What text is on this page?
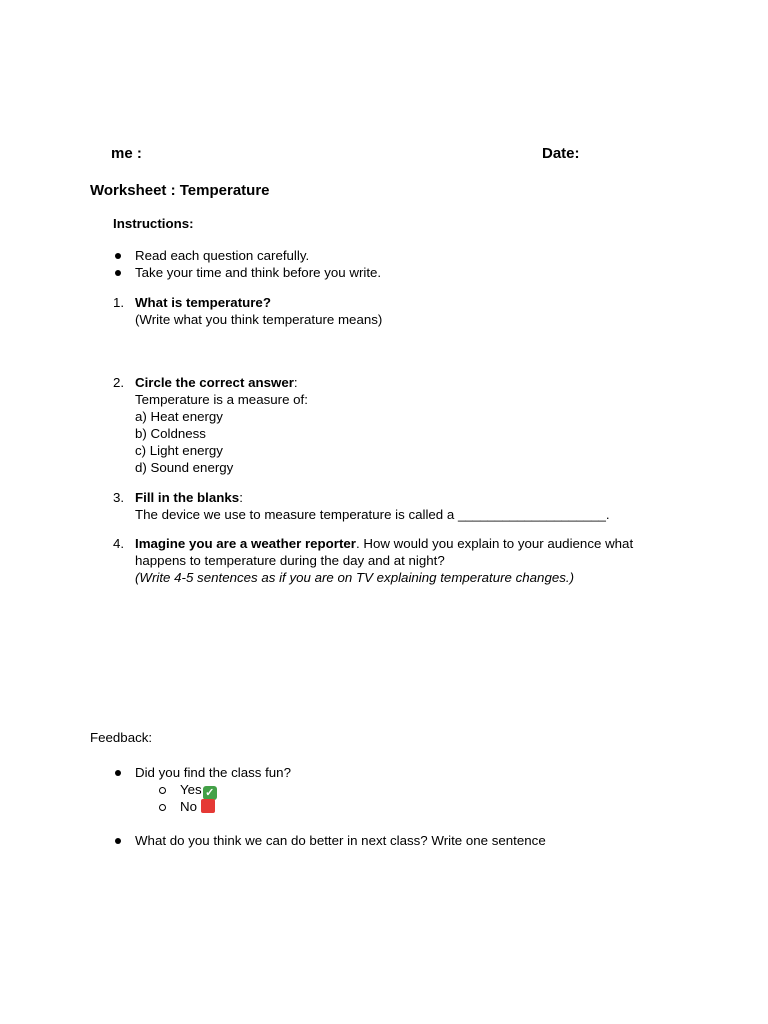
me :	Date:
Worksheet : Temperature
Instructions:
Read each question carefully.
Take your time and think before you write.
1. What is temperature?
(Write what you think temperature means)
2. Circle the correct answer:
Temperature is a measure of:
a) Heat energy
b) Coldness
c) Light energy
d) Sound energy
3. Fill in the blanks:
The device we use to measure temperature is called a ____________________.
4. Imagine you are a weather reporter. How would you explain to your audience what
happens to temperature during the day and at night?
(Write 4-5 sentences as if you are on TV explaining temperature changes.)
Feedback:
Did you find the class fun?
Yes ✓
No
What do you think we can do better in next class? Write one sentence
